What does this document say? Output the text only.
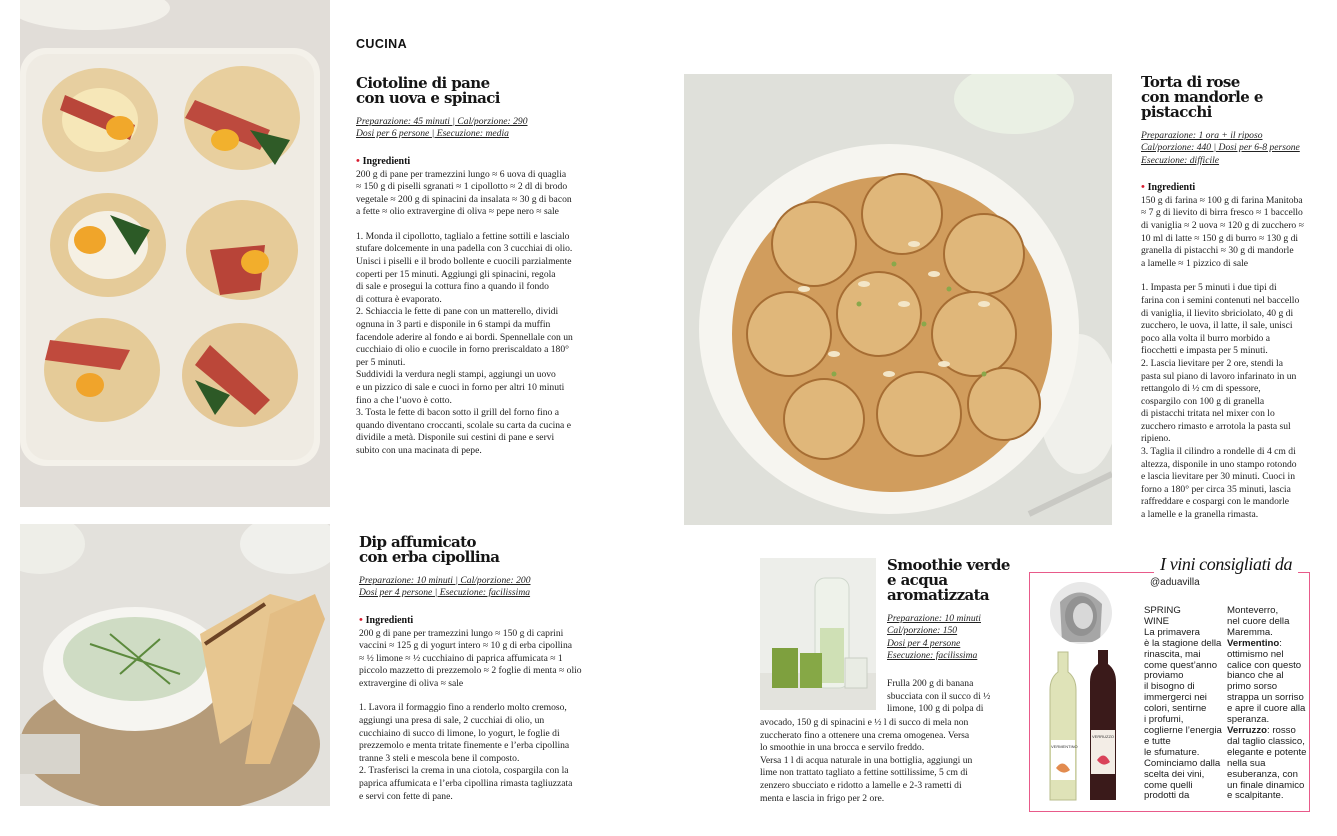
CUCINA
Ciotoline di pane
con uova e spinaci
Preparazione: 45 minuti | Cal/porzione: 290
Dosi per 6 persone | Esecuzione: media
• Ingredienti
200 g di pane per tramezzini lungo ≈ 6 uova di quaglia
≈ 150 g di piselli sgranati ≈ 1 cipollotto ≈ 2 dl di brodo
vegetale ≈ 200 g di spinacini da insalata ≈ 30 g di bacon
a fette ≈ olio extravergine di oliva ≈ pepe nero ≈ sale
1. Monda il cipollotto, taglialo a fettine sottili e lascialo
stufare dolcemente in una padella con 3 cucchiai di olio.
Unisci i piselli e il brodo bollente e cuocili parzialmente
coperti per 15 minuti. Aggiungi gli spinacini, regola
di sale e prosegui la cottura fino a quando il fondo
di cottura è evaporato.
2. Schiaccia le fette di pane con un matterello, dividi
ognuna in 3 parti e disponile in 6 stampi da muffin
facendole aderire al fondo e ai bordi. Spennellale con un
cucchiaio di olio e cuocile in forno preriscaldato a 180°
per 5 minuti.
Suddividi la verdura negli stampi, aggiungi un uovo
e un pizzico di sale e cuoci in forno per altri 10 minuti
fino a che l’uovo è cotto.
3. Tosta le fette di bacon sotto il grill del forno fino a
quando diventano croccanti, scolale su carta da cucina e
dividile a metà. Disponile sui cestini di pane e servi
subito con una macinata di pepe.
Torta di rose
con mandorle e pistacchi
Preparazione: 1 ora + il riposo
Cal/porzione: 440 | Dosi per 6-8 persone
Esecuzione: difficile
• Ingredienti
150 g di farina ≈ 100 g di farina Manitoba
≈ 7 g di lievito di birra fresco ≈ 1 baccello
di vaniglia ≈ 2 uova ≈ 120 g di zucchero ≈
10 ml di latte ≈ 150 g di burro ≈ 130 g di
granella di pistacchi ≈ 30 g di mandorle
a lamelle ≈ 1 pizzico di sale
1. Impasta per 5 minuti i due tipi di
farina con i semini contenuti nel baccello
di vaniglia, il lievito sbriciolato, 40 g di
zucchero, le uova, il latte, il sale, unisci
poco alla volta il burro morbido a
fiocchetti e impasta per 5 minuti.
2. Lascia lievitare per 2 ore, stendi la
pasta sul piano di lavoro infarinato in un
rettangolo di ½ cm di spessore,
cospargilo con 100 g di granella
di pistacchi tritata nel mixer con lo
zucchero rimasto e arrotola la pasta sul
ripieno.
3. Taglia il cilindro a rondelle di 4 cm di
altezza, disponile in uno stampo rotondo
e lascia lievitare per 30 minuti. Cuoci in
forno a 180° per circa 35 minuti, lascia
raffreddare e cospargi con le mandorle
a lamelle e la granella rimasta.
Dip affumicato
con erba cipollina
Preparazione: 10 minuti | Cal/porzione: 200
Dosi per 4 persone | Esecuzione: facilissima
• Ingredienti
200 g di pane per tramezzini lungo ≈ 150 g di caprini
vaccini ≈ 125 g di yogurt intero ≈ 10 g di erba cipollina
≈ ½ limone ≈ ½ cucchiaino di paprica affumicata ≈ 1
piccolo mazzetto di prezzemolo ≈ 2 foglie di menta ≈ olio
extravergine di oliva ≈ sale
1. Lavora il formaggio fino a renderlo molto cremoso,
aggiungi una presa di sale, 2 cucchiai di olio, un
cucchiaino di succo di limone, lo yogurt, le foglie di
prezzemolo e menta tritate finemente e l’erba cipollina
tranne 3 steli e mescola bene il composto.
2. Trasferisci la crema in una ciotola, cospargila con la
paprica affumicata e l’erba cipollina rimasta tagliuzzata
e servi con fette di pane.
Smoothie verde
e acqua
aromatizzata
Preparazione: 10 minuti
Cal/porzione: 150
Dosi per 4 persone
Esecuzione: facilissima
Frulla 200 g di banana
sbucciata con il succo di ½
limone, 100 g di polpa di
avocado, 150 g di spinacini e ½ l di succo di mela non
zuccherato fino a ottenere una crema omogenea. Versa
lo smoothie in una brocca e servilo freddo.
Versa 1 l di acqua naturale in una bottiglia, aggiungi un
lime non trattato tagliato a fettine sottilissime, 5 cm di
zenzero sbucciato e ridotto a lamelle e 2-3 rametti di
menta e lascia in frigo per 2 ore.
I vini consigliati da
@aduavilla
VERMENTINO
VERRUZZO
SPRING
WINE
La primavera
è la stagione della
rinascita, mai
come quest’anno
proviamo
il bisogno di
immergerci nei
colori, sentirne
i profumi,
coglierne l’energia
e tutte
le sfumature.
Cominciamo dalla
scelta dei vini,
come quelli
prodotti da
Monteverro,
nel cuore della
Maremma.
Vermentino:
ottimismo nel
calice con questo
bianco che al
primo sorso
strappa un sorriso
e apre il cuore alla
speranza.
Verruzzo: rosso
dal taglio classico,
elegante e potente
nella sua
esuberanza, con
un finale dinamico
e scalpitante.
